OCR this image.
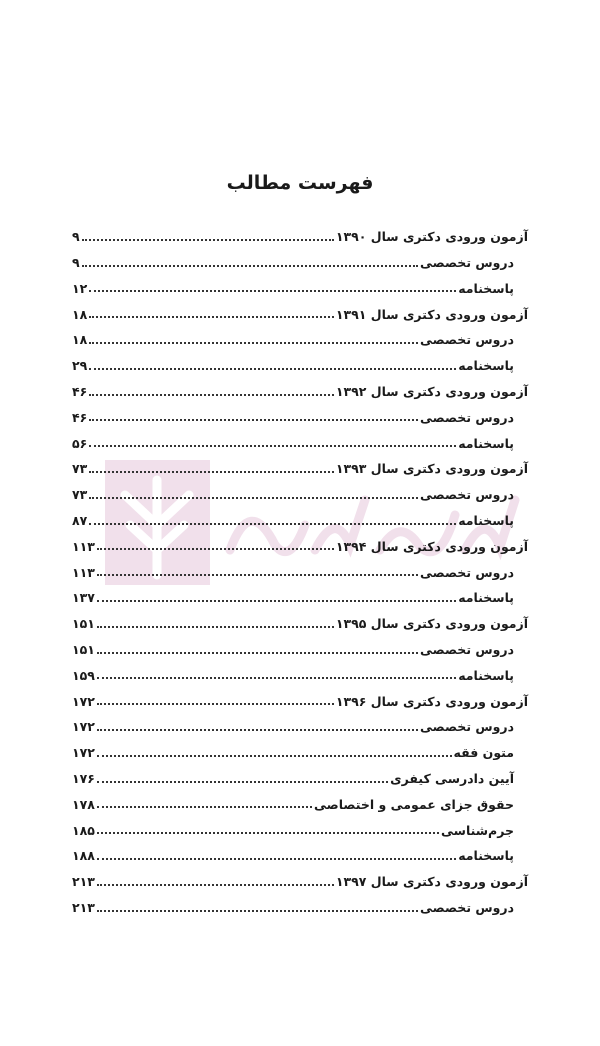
فهرست مطالب
آزمون ورودی دکتری سال ۱۳۹۰
۹
دروس تخصصی
۹
پاسخنامه
۱۲
آزمون ورودی دکتری سال ۱۳۹۱
۱۸
دروس تخصصی
۱۸
پاسخنامه
۲۹
آزمون ورودی دکتری سال ۱۳۹۲
۴۶
دروس تخصصی
۴۶
پاسخنامه
۵۶
آزمون ورودی دکتری سال ۱۳۹۳
۷۳
دروس تخصصی
۷۳
پاسخنامه
۸۷
آزمون ورودی دکتری سال ۱۳۹۴
۱۱۳
دروس تخصصی
۱۱۳
پاسخنامه
۱۳۷
آزمون ورودی دکتری سال ۱۳۹۵
۱۵۱
دروس تخصصی
۱۵۱
پاسخنامه
۱۵۹
آزمون ورودی دکتری سال ۱۳۹۶
۱۷۲
دروس تخصصی
۱۷۲
متون فقه
۱۷۲
آیین دادرسی کیفری
۱۷۶
حقوق جزای عمومی و اختصاصی
۱۷۸
جرم‌شناسی
۱۸۵
پاسخنامه
۱۸۸
آزمون ورودی دکتری سال ۱۳۹۷
۲۱۳
دروس تخصصی
۲۱۳
